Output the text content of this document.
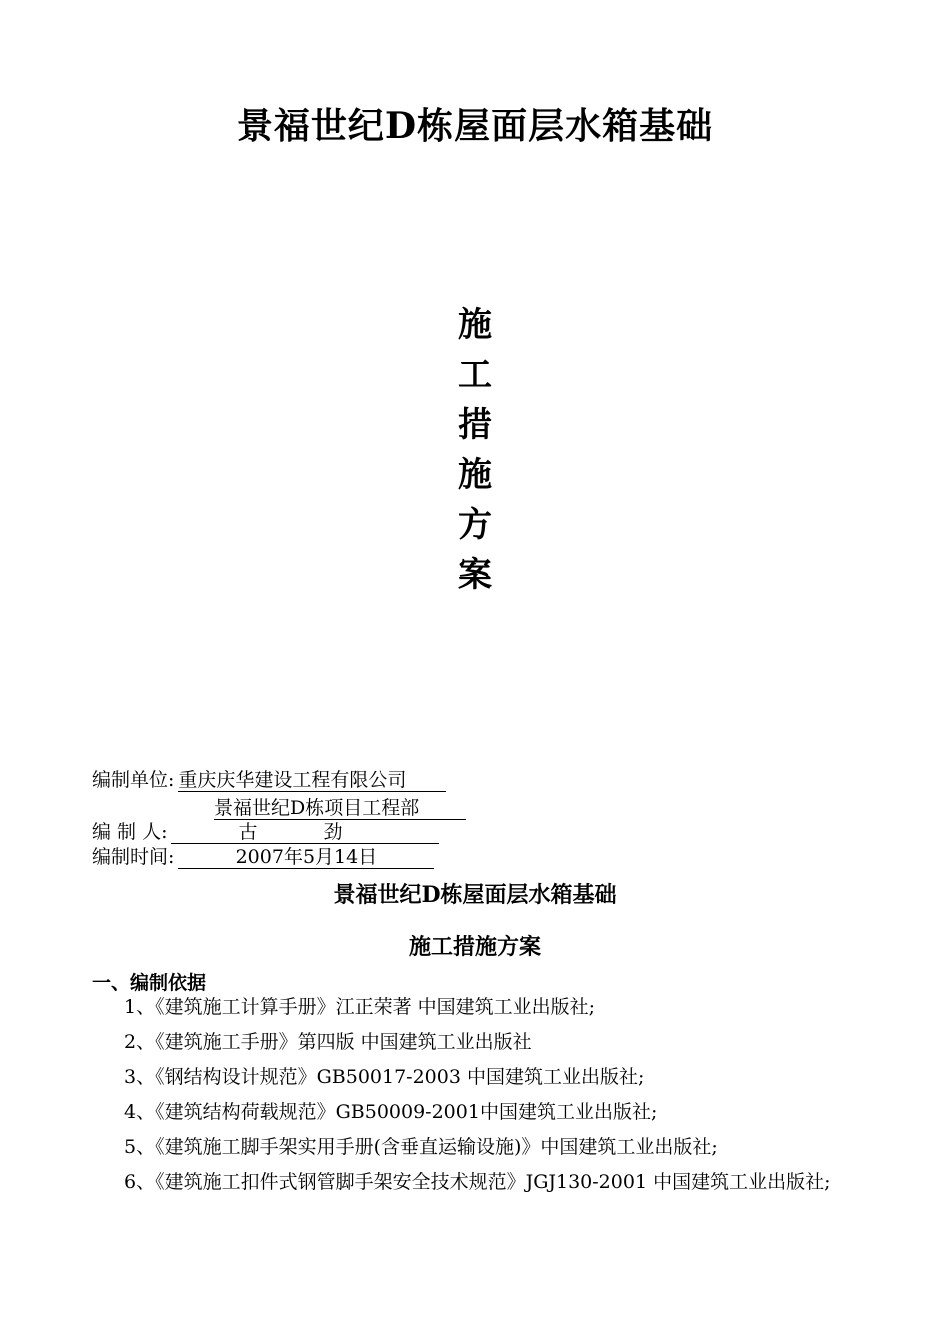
景福世纪D栋屋面层水箱基础
施
工
措
施
方
案
编制单位: 重庆庆华建设工程有限公司
景福世纪D栋项目工程部
编 制 人:	古 劲
编制时间:	2007年5月14日
景福世纪D栋屋面层水箱基础
施工措施方案
一、编制依据
1、《建筑施工计算手册》江正荣著 中国建筑工业出版社;
2、《建筑施工手册》第四版 中国建筑工业出版社
3、《钢结构设计规范》GB50017-2003 中国建筑工业出版社;
4、《建筑结构荷载规范》GB50009-2001中国建筑工业出版社;
5、《建筑施工脚手架实用手册(含垂直运输设施)》中国建筑工业出版社;
6、《建筑施工扣件式钢管脚手架安全技术规范》JGJ130-2001 中国建筑工业出版社;
